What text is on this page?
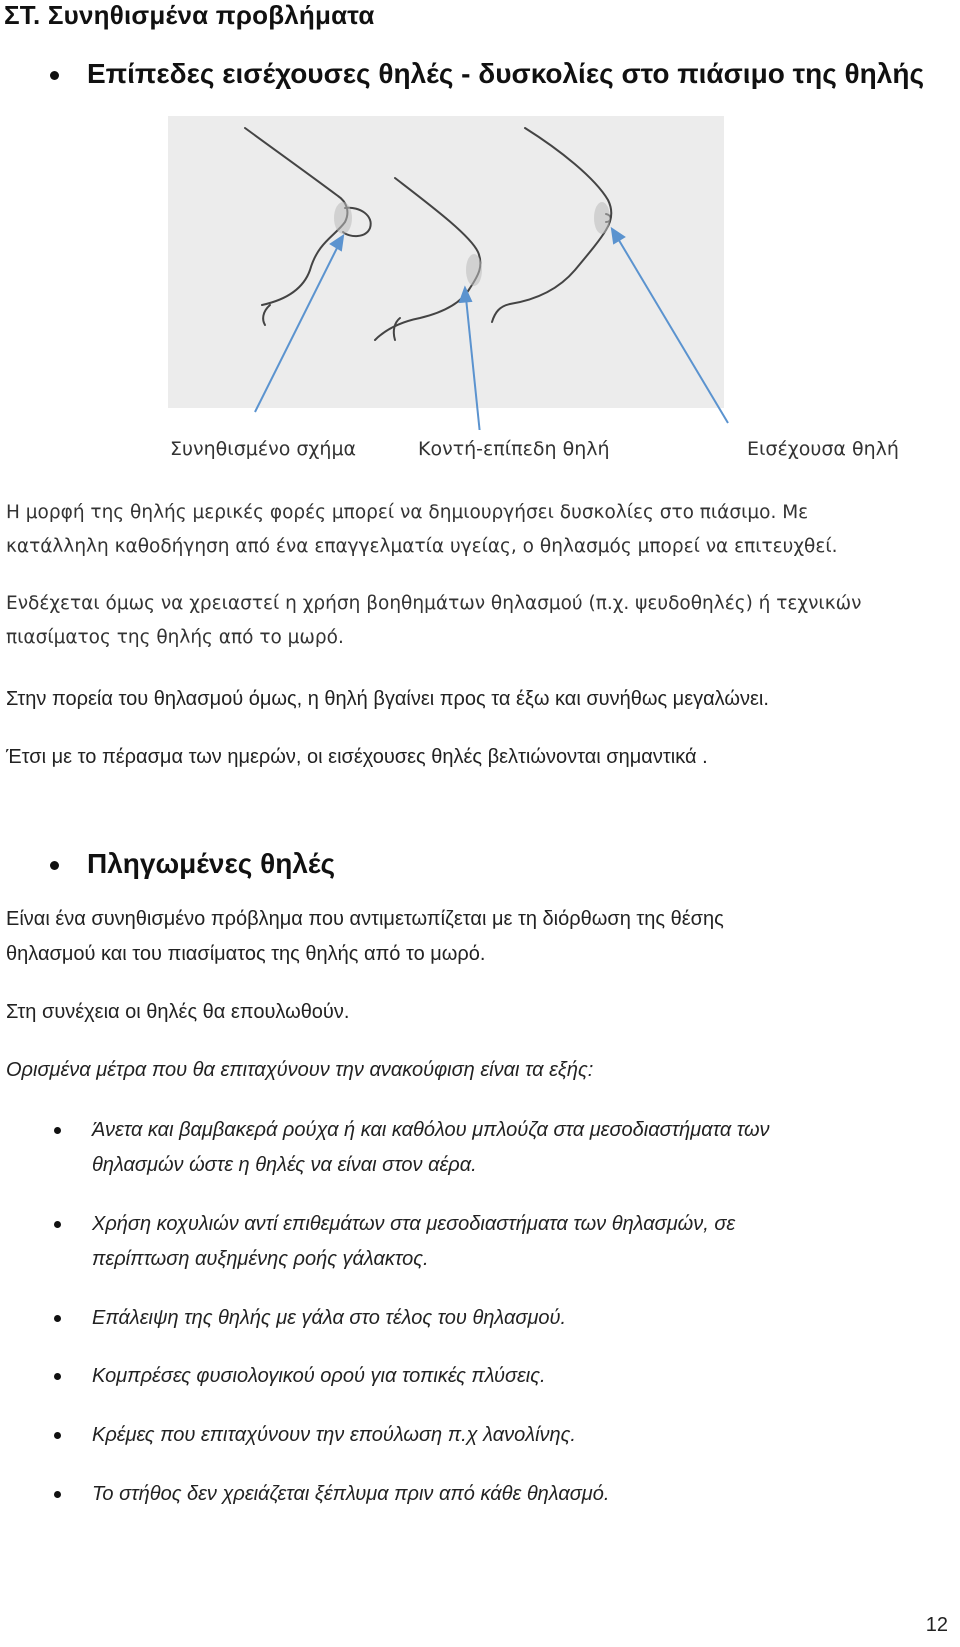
ΣΤ. Συνηθισμένα προβλήματα
Επίπεδες εισέχουσες θηλές - δυσκολίες στο πιάσιμο της θηλής
Συνηθισμένο σχήμα	Κοντή-επίπεδη θηλή	Εισέχουσα θηλή
Η μορφή της θηλής μερικές φορές μπορεί να δημιουργήσει δυσκολίες στο πιάσιμο. Με
κατάλληλη καθοδήγηση από ένα επαγγελματία υγείας, ο θηλασμός μπορεί να επιτευχθεί.
Ενδέχεται όμως να χρειαστεί η χρήση βοηθημάτων θηλασμού (π.χ. ψευδοθηλές) ή τεχνικών
πιασίματος της θηλής από το μωρό.
Στην πορεία του θηλασμού όμως, η θηλή βγαίνει προς τα έξω και συνήθως μεγαλώνει.
Έτσι με το πέρασμα των ημερών, οι εισέχουσες θηλές βελτιώνονται σημαντικά .
Πληγωμένες θηλές
Είναι ένα συνηθισμένο πρόβλημα που αντιμετωπίζεται με τη διόρθωση της θέσης
θηλασμού και του πιασίματος της θηλής από το μωρό.
Στη συνέχεια οι θηλές θα επουλωθούν.
Ορισμένα μέτρα που θα επιταχύνουν την ανακούφιση είναι τα εξής:
Άνετα και βαμβακερά ρούχα ή και καθόλου μπλούζα στα μεσοδιαστήματα των
θηλασμών ώστε η θηλές να είναι στον αέρα.
Χρήση κοχυλιών αντί επιθεμάτων στα μεσοδιαστήματα των θηλασμών, σε
περίπτωση αυξημένης ροής γάλακτος.
Επάλειψη της θηλής με γάλα στο τέλος του θηλασμού.
Κομπρέσες φυσιολογικού ορού για τοπικές πλύσεις.
Κρέμες που επιταχύνουν την επούλωση π.χ λανολίνης.
Το στήθος δεν χρειάζεται ξέπλυμα πριν από κάθε θηλασμό.
12
